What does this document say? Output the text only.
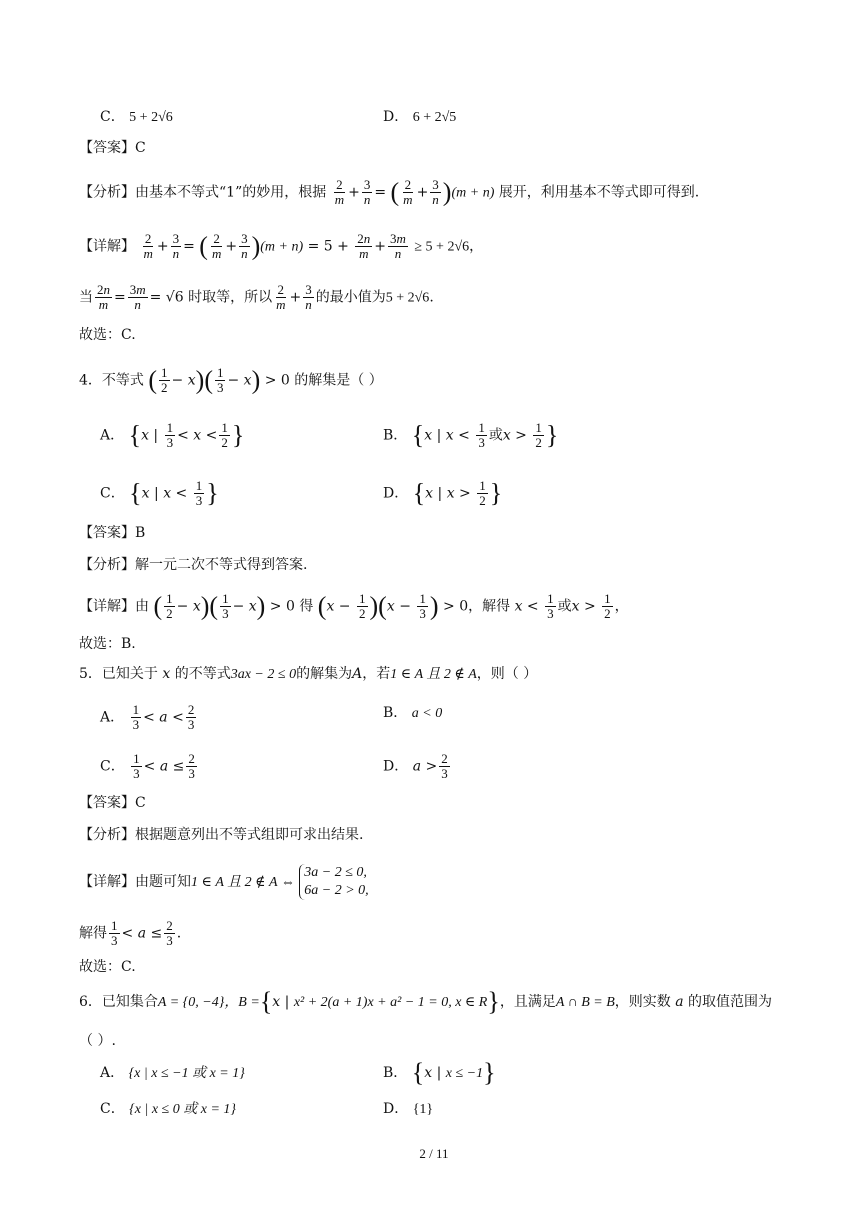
C． 5 + 2√6	D． 6 + 2√5
【答案】C
【分析】由基本不等式“1”的妙用，根据 $\frac{2}{m} + \frac{3}{n}$ = ( $\frac{2}{m} + \frac{3}{n} )(m + n)$ 展开，利用基本不等式即可得到.
【详解】 $\frac{2}{m} + \frac{3}{n}$ = ( $\frac{2}{m} + \frac{3}{n} )(m + n) = 5 + \frac{2n}{m} + \frac{3m}{n} \ge 5 + 2√6$，
当 $\frac{2n}{m} = \frac{3m}{n} = √6$ 时取等，所以 $\frac{2}{m} + \frac{3}{n}$ 的最小值为5 + 2√6.
故选：C.
4．不等式 ( $\frac{1}{2} - x)( \frac{1}{3} - x) > 0$ 的解集是（ ）
A． {x | $\frac{1}{3} < x < \frac{1}{2}$ }	B． {x | $x < \frac{1}{3}$ 或$x > \frac{1}{2}$ }
C． {x | $x < \frac{1}{3}$ }	D． {x | $x > \frac{1}{2}$ }
【答案】B
【分析】解一元二次不等式得到答案.
【详解】由 ( $\frac{1}{2} - x)( \frac{1}{3} - x) > 0$ 得 $(x - \frac{1}{2} )(x - \frac{1}{3}$ ) > 0，解得 $x < \frac{1}{3}$ 或$x > \frac{1}{2}$ ，
故选：B.
5．已知关于 x 的不等式3ax − 2 ≤ 0的解集为A，若1 ∈ A 且 2 ∉ A，则（ ）
A． $\frac{1}{3} < a < \frac{2}{3}$	B． a < 0
C． $\frac{1}{3} < a \le \frac{2}{3}$	D． $a > \frac{2}{3}$
【答案】C
【分析】根据题意列出不等式组即可求出结果.
【详解】由题可知1 ∈ A 且 2 ∉ A ⇔ 3a − 2 ≤ 0,
6a − 2 > 0,
解得 $\frac{1}{3} < a \le \frac{2}{3}$ .
故选：C.
6．已知集合A = {0, −4}，B ={x | x² + 2(a + 1)x + a² − 1 = 0, x ∈ R}，且满足A ∩ B = B，则实数 a 的取值范围为
（ ）.
A． {x | x ≤ −1 或 x = 1}	B． {x | x ≤ −1}
C． {x | x ≤ 0 或 x = 1}	D． {1}
2 / 11
